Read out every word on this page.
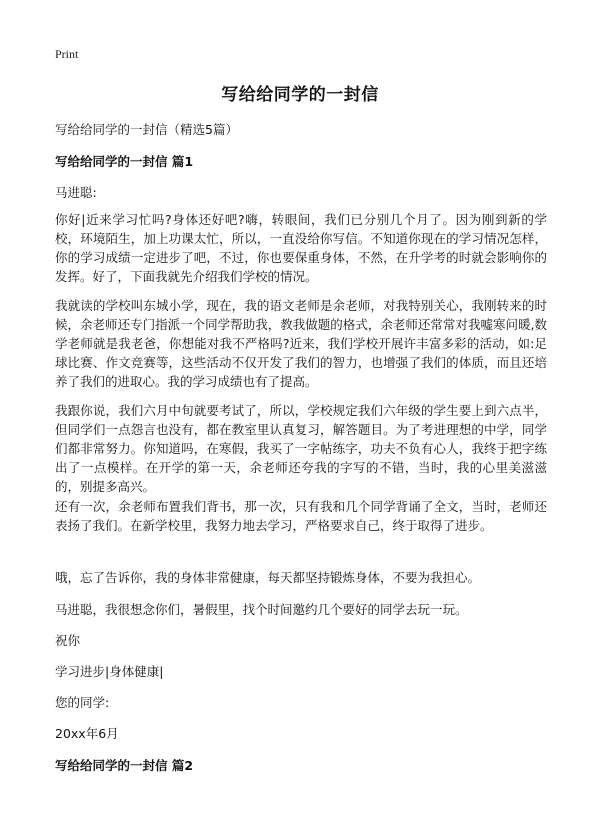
Print
写给给同学的一封信
写给给同学的一封信（精选5篇）
写给给同学的一封信 篇1
马进聪:

你好|近来学习忙吗?身体还好吧?嗨，转眼间，我们已分别几个月了。因为刚到新的学校，环境陌生，加上功课太忙，所以，一直没给你写信。不知道你现在的学习情况怎样，你的学习成绩一定进步了吧，不过，你也要保重身体，不然，在升学考的时就会影响你的发挥。好了，下面我就先介绍我们学校的情况。

我就读的学校叫东城小学，现在，我的语文老师是余老师，对我特别关心，我刚转来的时候，余老师还专门指派一个同学帮助我，教我做题的格式，余老师还常常对我嘘寒问暖,数学老师就是我老爸，你想能对我不严格吗?近来，我们学校开展许丰富多彩的活动，如:足球比赛、作文竞赛等，这些活动不仅开发了我们的智力，也增强了我们的体质，而且还培养了我们的进取心。我的学习成绩也有了提高。

我跟你说，我们六月中旬就要考试了，所以，学校规定我们六年级的学生要上到六点半，但同学们一点怨言也没有，都在教室里认真复习，解答题目。为了考进理想的中学，同学们都非常努力。你知道吗，在寒假，我买了一字帖练字，功夫不负有心人，我终于把字练出了一点模样。在开学的第一天，余老师还夸我的字写的不错，当时，我的心里美滋滋的，别提多高兴。

还有一次，余老师布置我们背书，那一次，只有我和几个同学背诵了全文，当时，老师还表扬了我们。在新学校里，我努力地去学习，严格要求自己，终于取得了进步。

哦，忘了告诉你，我的身体非常健康，每天都坚持锻炼身体，不要为我担心。

马进聪，我很想念你们，暑假里，找个时间邀约几个要好的同学去玩一玩。

祝你
学习进步|身体健康|
您的同学:
20xx年6月
写给给同学的一封信 篇2
